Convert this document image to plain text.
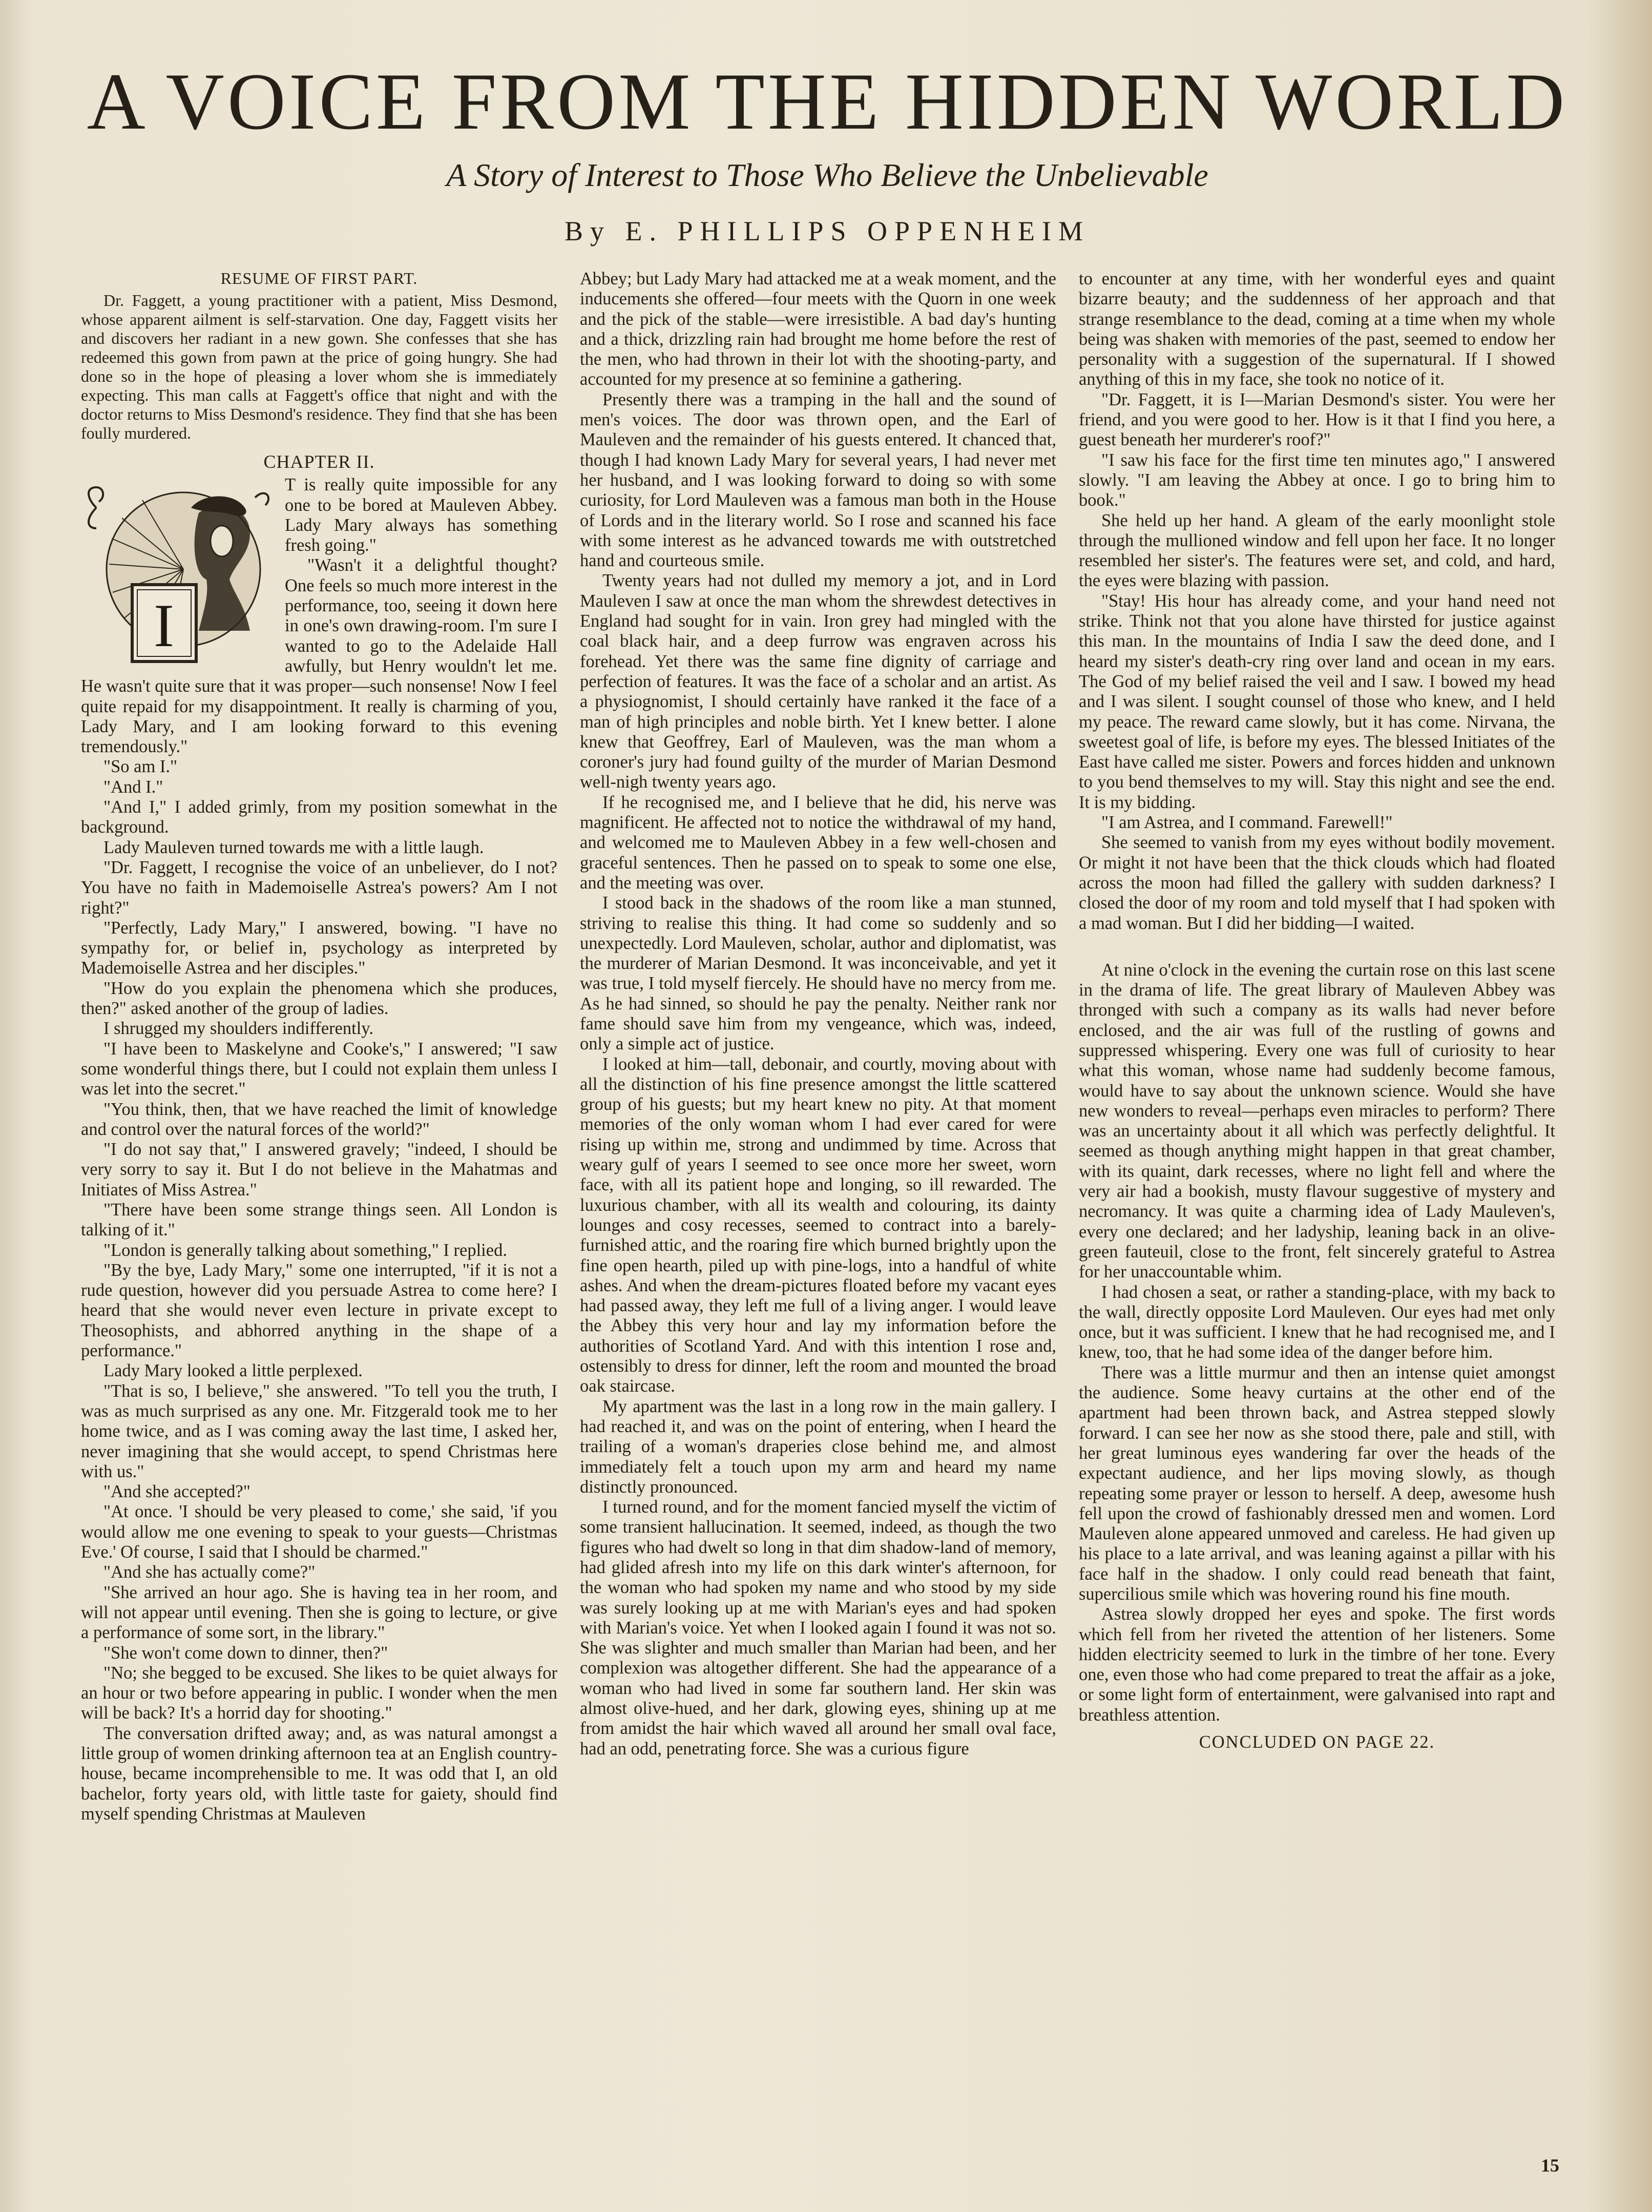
A VOICE FROM THE HIDDEN WORLD
A Story of Interest to Those Who Believe the Unbelievable
By E. PHILLIPS OPPENHEIM

RESUME OF FIRST PART.

Dr. Faggett, a young practitioner with a patient, Miss Desmond, whose apparent ailment is self-starvation. One day, Faggett visits her and discovers her radiant in a new gown. She confesses that she has redeemed this gown from pawn at the price of going hungry. She had done so in the hope of pleasing a lover whom she is immediately expecting. This man calls at Faggett's office that night and with the doctor returns to Miss Desmond's residence. They find that she has been foully murdered.

CHAPTER II.

I

T is really quite impossible for any one to be bored at Mauleven Abbey. Lady Mary always has something fresh going."

"Wasn't it a delightful thought? One feels so much more interest in the performance, too, seeing it down here in one's own drawing-room. I'm sure I wanted to go to the Adelaide Hall awfully, but Henry wouldn't let me. He wasn't quite sure that it was proper—such nonsense! Now I feel quite repaid for my disappointment. It really is charming of you, Lady Mary, and I am looking forward to this evening tremendously."

"So am I."

"And I."

"And I," I added grimly, from my position somewhat in the background.

Lady Mauleven turned towards me with a little laugh.

"Dr. Faggett, I recognise the voice of an unbeliever, do I not? You have no faith in Mademoiselle Astrea's powers? Am I not right?"

"Perfectly, Lady Mary," I answered, bowing. "I have no sympathy for, or belief in, psychology as interpreted by Mademoiselle Astrea and her disciples."

"How do you explain the phenomena which she produces, then?" asked another of the group of ladies.

I shrugged my shoulders indifferently.

"I have been to Maskelyne and Cooke's," I answered; "I saw some wonderful things there, but I could not explain them unless I was let into the secret."

"You think, then, that we have reached the limit of knowledge and control over the natural forces of the world?"

"I do not say that," I answered gravely; "indeed, I should be very sorry to say it. But I do not believe in the Mahatmas and Initiates of Miss Astrea."

"There have been some strange things seen. All London is talking of it."

"London is generally talking about something," I replied.

"By the bye, Lady Mary," some one interrupted, "if it is not a rude question, however did you persuade Astrea to come here? I heard that she would never even lecture in private except to Theosophists, and abhorred anything in the shape of a performance."

Lady Mary looked a little perplexed.

"That is so, I believe," she answered. "To tell you the truth, I was as much surprised as any one. Mr. Fitzgerald took me to her home twice, and as I was coming away the last time, I asked her, never imagining that she would accept, to spend Christmas here with us."

"And she accepted?"

"At once. 'I should be very pleased to come,' she said, 'if you would allow me one evening to speak to your guests—Christmas Eve.' Of course, I said that I should be charmed."

"And she has actually come?"

"She arrived an hour ago. She is having tea in her room, and will not appear until evening. Then she is going to lecture, or give a performance of some sort, in the library."

"She won't come down to dinner, then?"

"No; she begged to be excused. She likes to be quiet always for an hour or two before appearing in public. I wonder when the men will be back? It's a horrid day for shooting."

The conversation drifted away; and, as was natural amongst a little group of women drinking afternoon tea at an English country-house, became incomprehensible to me. It was odd that I, an old bachelor, forty years old, with little taste for gaiety, should find myself spending Christmas at Mauleven

Abbey; but Lady Mary had attacked me at a weak moment, and the inducements she offered—four meets with the Quorn in one week and the pick of the stable—were irresistible. A bad day's hunting and a thick, drizzling rain had brought me home before the rest of the men, who had thrown in their lot with the shooting-party, and accounted for my presence at so feminine a gathering.

Presently there was a tramping in the hall and the sound of men's voices. The door was thrown open, and the Earl of Mauleven and the remainder of his guests entered. It chanced that, though I had known Lady Mary for several years, I had never met her husband, and I was looking forward to doing so with some curiosity, for Lord Mauleven was a famous man both in the House of Lords and in the literary world. So I rose and scanned his face with some interest as he advanced towards me with outstretched hand and courteous smile.

Twenty years had not dulled my memory a jot, and in Lord Mauleven I saw at once the man whom the shrewdest detectives in England had sought for in vain. Iron grey had mingled with the coal black hair, and a deep furrow was engraven across his forehead. Yet there was the same fine dignity of carriage and perfection of features. It was the face of a scholar and an artist. As a physiognomist, I should certainly have ranked it the face of a man of high principles and noble birth. Yet I knew better. I alone knew that Geoffrey, Earl of Mauleven, was the man whom a coroner's jury had found guilty of the murder of Marian Desmond well-nigh twenty years ago.

If he recognised me, and I believe that he did, his nerve was magnificent. He affected not to notice the withdrawal of my hand, and welcomed me to Mauleven Abbey in a few well-chosen and graceful sentences. Then he passed on to speak to some one else, and the meeting was over.

I stood back in the shadows of the room like a man stunned, striving to realise this thing. It had come so suddenly and so unexpectedly. Lord Mauleven, scholar, author and diplomatist, was the murderer of Marian Desmond. It was inconceivable, and yet it was true, I told myself fiercely. He should have no mercy from me. As he had sinned, so should he pay the penalty. Neither rank nor fame should save him from my vengeance, which was, indeed, only a simple act of justice.

I looked at him—tall, debonair, and courtly, moving about with all the distinction of his fine presence amongst the little scattered group of his guests; but my heart knew no pity. At that moment memories of the only woman whom I had ever cared for were rising up within me, strong and undimmed by time. Across that weary gulf of years I seemed to see once more her sweet, worn face, with all its patient hope and longing, so ill rewarded. The luxurious chamber, with all its wealth and colouring, its dainty lounges and cosy recesses, seemed to contract into a barely-furnished attic, and the roaring fire which burned brightly upon the fine open hearth, piled up with pine-logs, into a handful of white ashes. And when the dream-pictures floated before my vacant eyes had passed away, they left me full of a living anger. I would leave the Abbey this very hour and lay my information before the authorities of Scotland Yard. And with this intention I rose and, ostensibly to dress for dinner, left the room and mounted the broad oak staircase.

My apartment was the last in a long row in the main gallery. I had reached it, and was on the point of entering, when I heard the trailing of a woman's draperies close behind me, and almost immediately felt a touch upon my arm and heard my name distinctly pronounced.

I turned round, and for the moment fancied myself the victim of some transient hallucination. It seemed, indeed, as though the two figures who had dwelt so long in that dim shadow-land of memory, had glided afresh into my life on this dark winter's afternoon, for the woman who had spoken my name and who stood by my side was surely looking up at me with Marian's eyes and had spoken with Marian's voice. Yet when I looked again I found it was not so. She was slighter and much smaller than Marian had been, and her complexion was altogether different. She had the appearance of a woman who had lived in some far southern land. Her skin was almost olive-hued, and her dark, glowing eyes, shining up at me from amidst the hair which waved all around her small oval face, had an odd, penetrating force. She was a curious figure

to encounter at any time, with her wonderful eyes and quaint bizarre beauty; and the suddenness of her approach and that strange resemblance to the dead, coming at a time when my whole being was shaken with memories of the past, seemed to endow her personality with a suggestion of the supernatural. If I showed anything of this in my face, she took no notice of it.

"Dr. Faggett, it is I—Marian Desmond's sister. You were her friend, and you were good to her. How is it that I find you here, a guest beneath her murderer's roof?"

"I saw his face for the first time ten minutes ago," I answered slowly. "I am leaving the Abbey at once. I go to bring him to book."

She held up her hand. A gleam of the early moonlight stole through the mullioned window and fell upon her face. It no longer resembled her sister's. The features were set, and cold, and hard, the eyes were blazing with passion.

"Stay! His hour has already come, and your hand need not strike. Think not that you alone have thirsted for justice against this man. In the mountains of India I saw the deed done, and I heard my sister's death-cry ring over land and ocean in my ears. The God of my belief raised the veil and I saw. I bowed my head and I was silent. I sought counsel of those who knew, and I held my peace. The reward came slowly, but it has come. Nirvana, the sweetest goal of life, is before my eyes. The blessed Initiates of the East have called me sister. Powers and forces hidden and unknown to you bend themselves to my will. Stay this night and see the end. It is my bidding.

"I am Astrea, and I command. Farewell!"

She seemed to vanish from my eyes without bodily movement. Or might it not have been that the thick clouds which had floated across the moon had filled the gallery with sudden darkness? I closed the door of my room and told myself that I had spoken with a mad woman. But I did her bidding—I waited.

At nine o'clock in the evening the curtain rose on this last scene in the drama of life. The great library of Mauleven Abbey was thronged with such a company as its walls had never before enclosed, and the air was full of the rustling of gowns and suppressed whispering. Every one was full of curiosity to hear what this woman, whose name had suddenly become famous, would have to say about the unknown science. Would she have new wonders to reveal—perhaps even miracles to perform? There was an uncertainty about it all which was perfectly delightful. It seemed as though anything might happen in that great chamber, with its quaint, dark recesses, where no light fell and where the very air had a bookish, musty flavour suggestive of mystery and necromancy. It was quite a charming idea of Lady Mauleven's, every one declared; and her ladyship, leaning back in an olive-green fauteuil, close to the front, felt sincerely grateful to Astrea for her unaccountable whim.

I had chosen a seat, or rather a standing-place, with my back to the wall, directly opposite Lord Mauleven. Our eyes had met only once, but it was sufficient. I knew that he had recognised me, and I knew, too, that he had some idea of the danger before him.

There was a little murmur and then an intense quiet amongst the audience. Some heavy curtains at the other end of the apartment had been thrown back, and Astrea stepped slowly forward. I can see her now as she stood there, pale and still, with her great luminous eyes wandering far over the heads of the expectant audience, and her lips moving slowly, as though repeating some prayer or lesson to herself. A deep, awesome hush fell upon the crowd of fashionably dressed men and women. Lord Mauleven alone appeared unmoved and careless. He had given up his place to a late arrival, and was leaning against a pillar with his face half in the shadow. I only could read beneath that faint, supercilious smile which was hovering round his fine mouth.

Astrea slowly dropped her eyes and spoke. The first words which fell from her riveted the attention of her listeners. Some hidden electricity seemed to lurk in the timbre of her tone. Every one, even those who had come prepared to treat the affair as a joke, or some light form of entertainment, were galvanised into rapt and breathless attention.

CONCLUDED ON PAGE 22.

15
